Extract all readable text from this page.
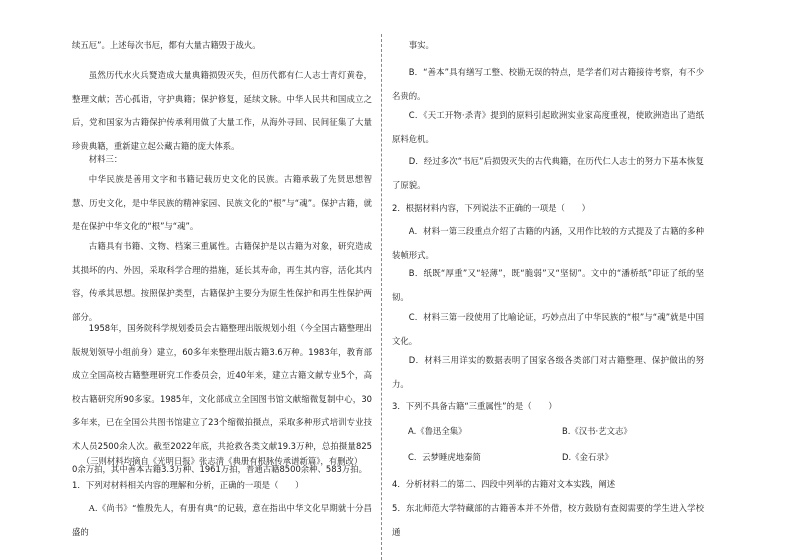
续五厄”。上述每次书厄，都有大量古籍毁于战火。

虽然历代水火兵燹造成大量典籍损毁灭失，但历代都有仁人志士青灯黄卷，整理文献；苦心孤诣，守护典籍；保护修复，延续文脉。中华人民共和国成立之后，党和国家为古籍保护传承利用做了大量工作，从海外寻回、民间征集了大量珍贵典籍，重新建立起公藏古籍的庞大体系。

材料三：

中华民族是善用文字和书籍记载历史文化的民族。古籍承载了先贤思想智慧、历史文化，是中华民族的精神家园、民族文化的“根”与“魂”。保护古籍，就是在保护中华文化的“根”与“魂”。

古籍具有书籍、文物、档案三重属性。古籍保护是以古籍为对象，研究造成其损坏的内、外因，采取科学合理的措施，延长其寿命，再生其内容，活化其内容，传承其思想。按照保护类型，古籍保护主要分为原生性保护和再生性保护两部分。

1958年，国务院科学规划委员会古籍整理出版规划小组（今全国古籍整理出版规划领导小组前身）建立，60多年来整理出版古籍3.6万种。1983年，教育部成立全国高校古籍整理研究工作委员会，近40年来，建立古籍文献专业5个，高校古籍研究所90多家。1985年，文化部成立全国图书馆文献缩微复制中心，30多年来，已在全国公共图书馆建立了23个缩微拍摄点，采取多种形式培训专业技术人员2500余人次。截至2022年底，共抢救各类文献19.3万种，总拍摄量8250余万拍，其中善本古籍3.3万种、1961万拍，普通古籍8500余种、583万拍。

（三则材料均摘自《光明日报》张志清《典册有根脉传承谱新篇》，有删改）

1．下列对材料相关内容的理解和分析，正确的一项是（　　）

A.《尚书》“惟殷先人，有册有典”的记载，意在指出中华文化早期就十分昌盛的

事实。

B．“善本”具有缮写工整、校勘无误的特点，是学者们对古籍接待考察，有不少名贵的。

C．《天工开物·杀青》提到的原料引起欧洲实业家高度重视，使欧洲造出了造纸原料危机。

D．经过多次“书厄”后损毁灭失的古代典籍，在历代仁人志士的努力下基本恢复了原貌。

2．根据材料内容，下列说法不正确的一项是（　　）

A．材料一第三段重点介绍了古籍的内涵，又用作比较的方式提及了古籍的多种装帧形式。

B．纸既“厚重”又“轻薄”，既“脆弱”又“坚韧”。文中的“潘桥纸”印证了纸的坚韧。

C．材料三第一段使用了比喻论证，巧妙点出了中华民族的“根”与“魂”就是中国文化。

D．材料三用详实的数据表明了国家各级各类部门对古籍整理、保护做出的努力。

3．下列不具备古籍“三重属性”的是（　　）

A.《鲁迅全集》	B.《汉书·艺文志》

C．云梦睡虎地秦简	D.《金石录》

4．分析材料二的第二、四段中列举的古籍对文本实践，阐述

5．东北师范大学特藏部的古籍善本并不外借，校方鼓励有查阅需要的学生进入学校通
